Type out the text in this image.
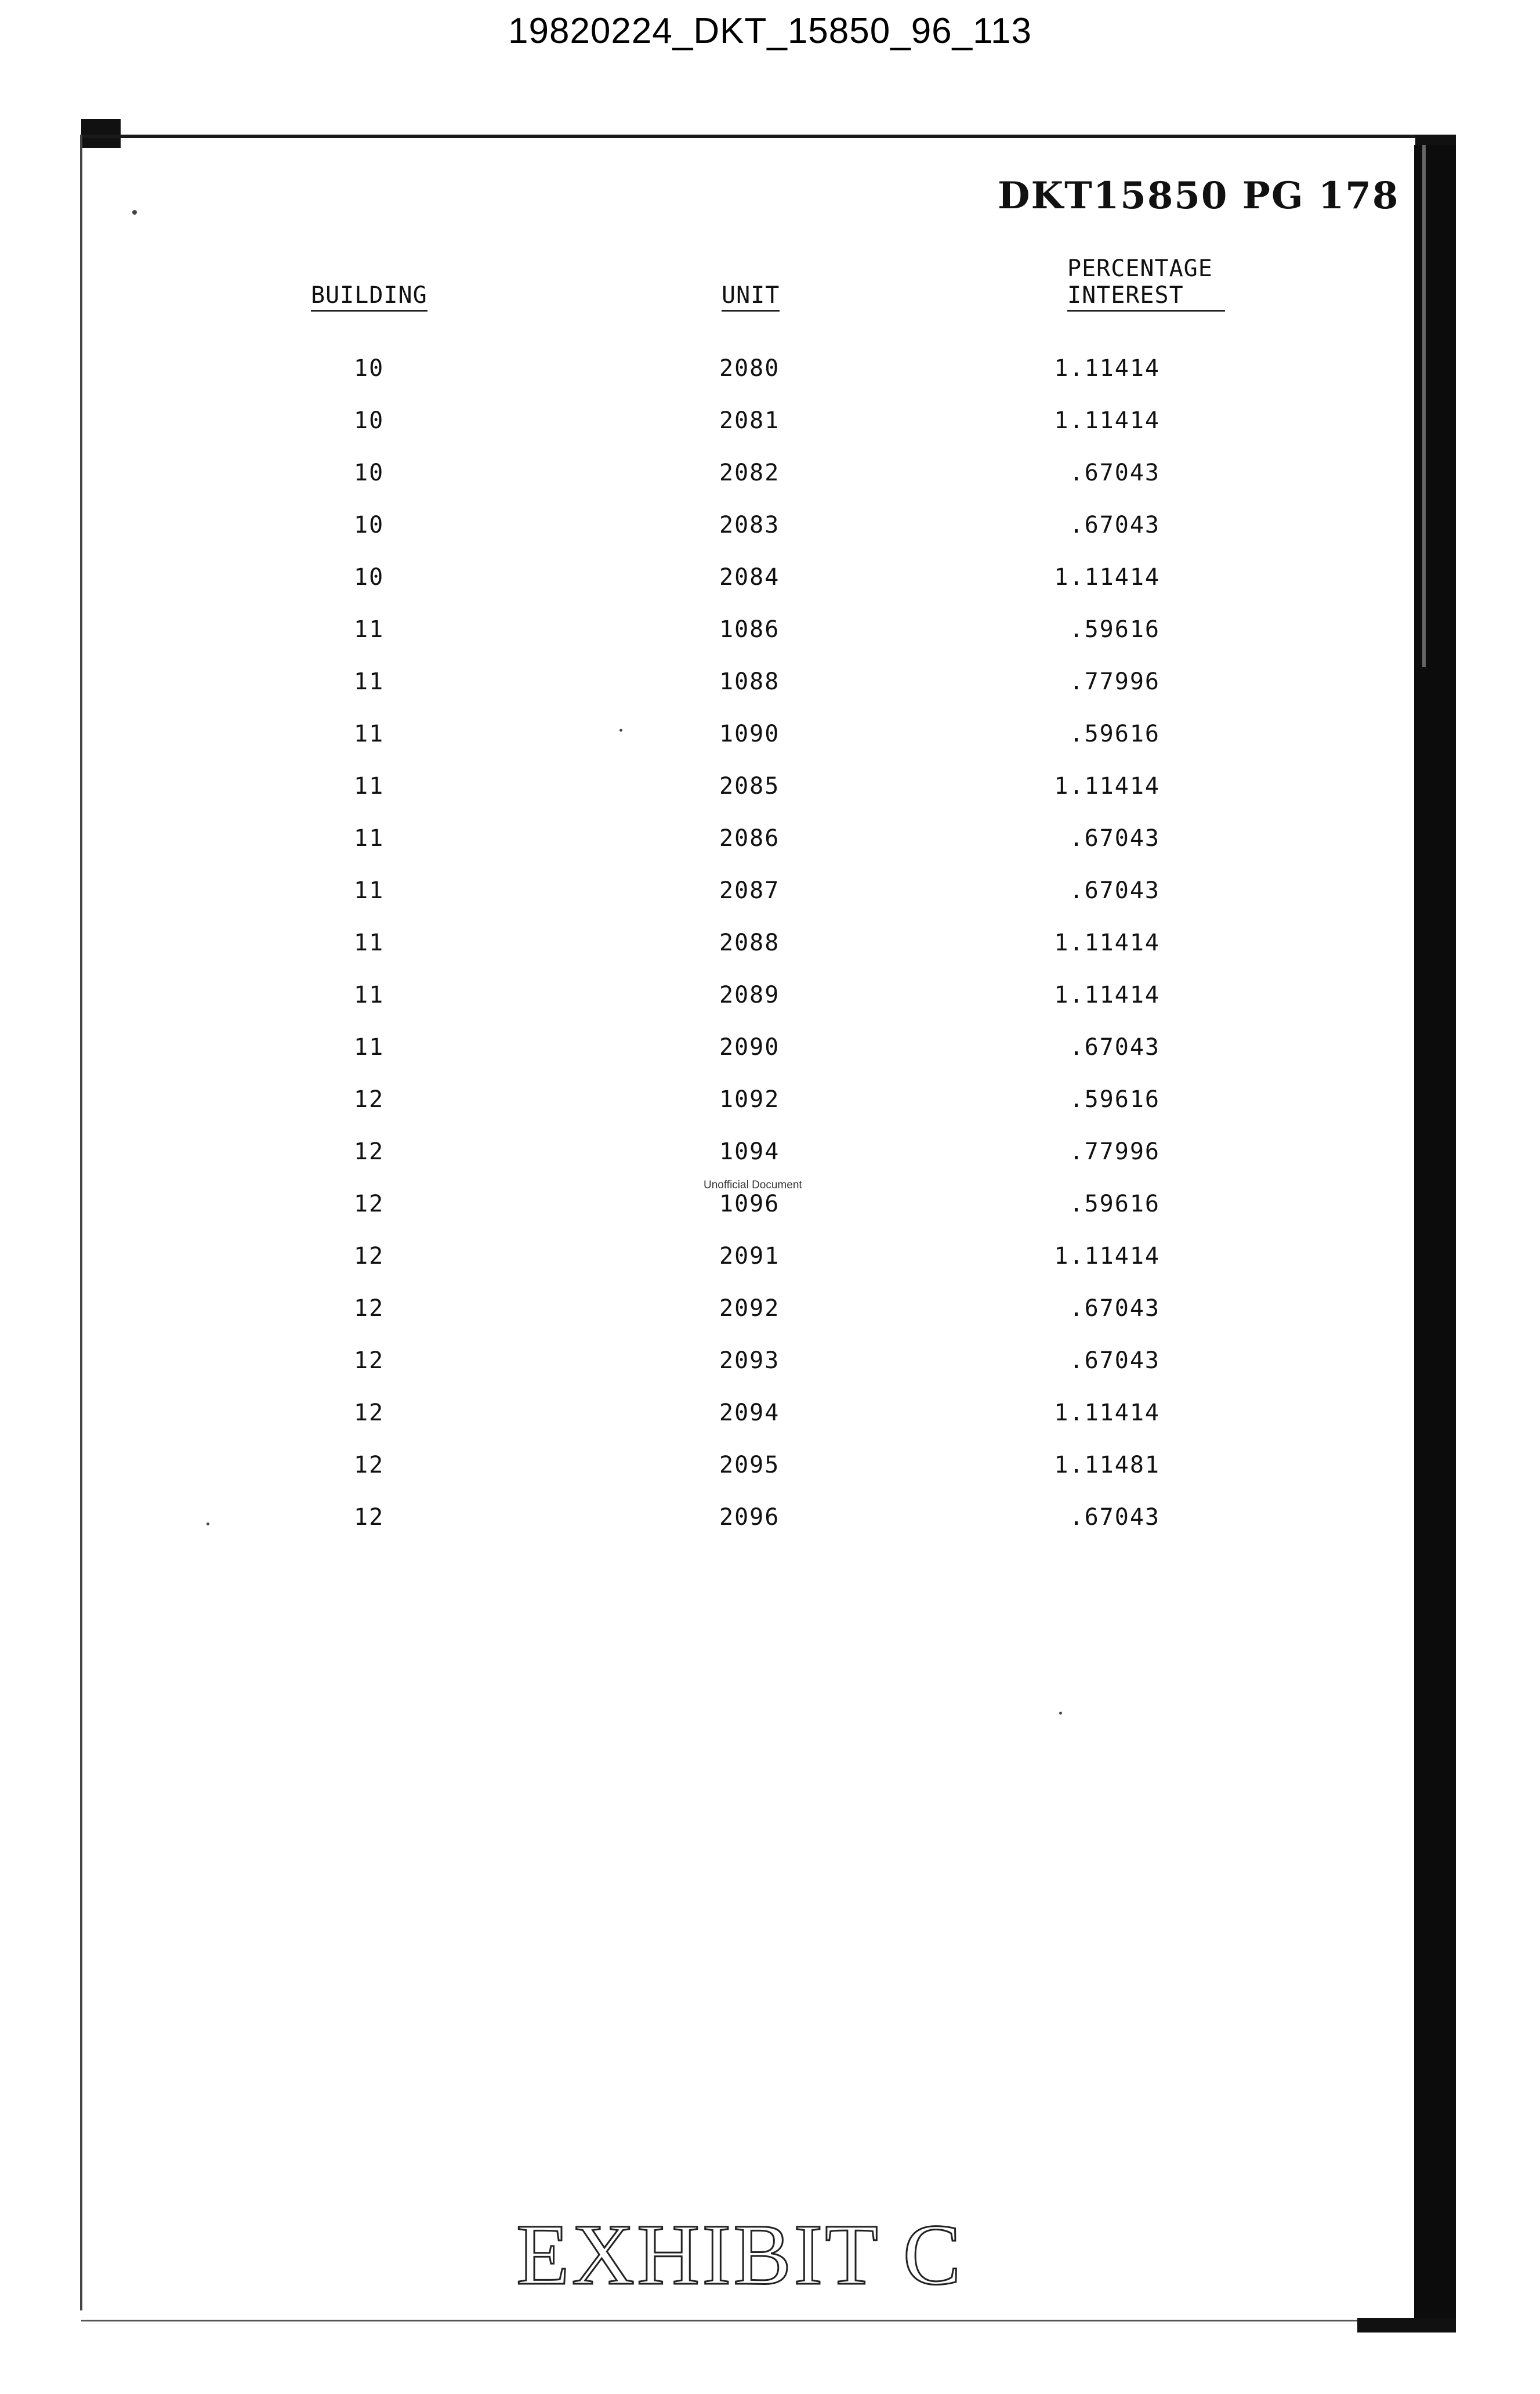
19820224_DKT_15850_96_113
DKT15850 PG 178
BUILDING	UNIT
PERCENTAGE
INTEREST
10	2080	1.11414
10	2081	1.11414
10	2082	.67043
10	2083	.67043
10	2084	1.11414
11	1086	.59616
11	1088	.77996
11	1090	.59616
11	2085	1.11414
11	2086	.67043
11	2087	.67043
11	2088	1.11414
11	2089	1.11414
11	2090	.67043
12	1092	.59616
12	1094	.77996
12	1096	.59616
12	2091	1.11414
12	2092	.67043
12	2093	.67043
12	2094	1.11414
12	2095	1.11481
12	2096	.67043
Unofficial Document
EXHIBIT C
